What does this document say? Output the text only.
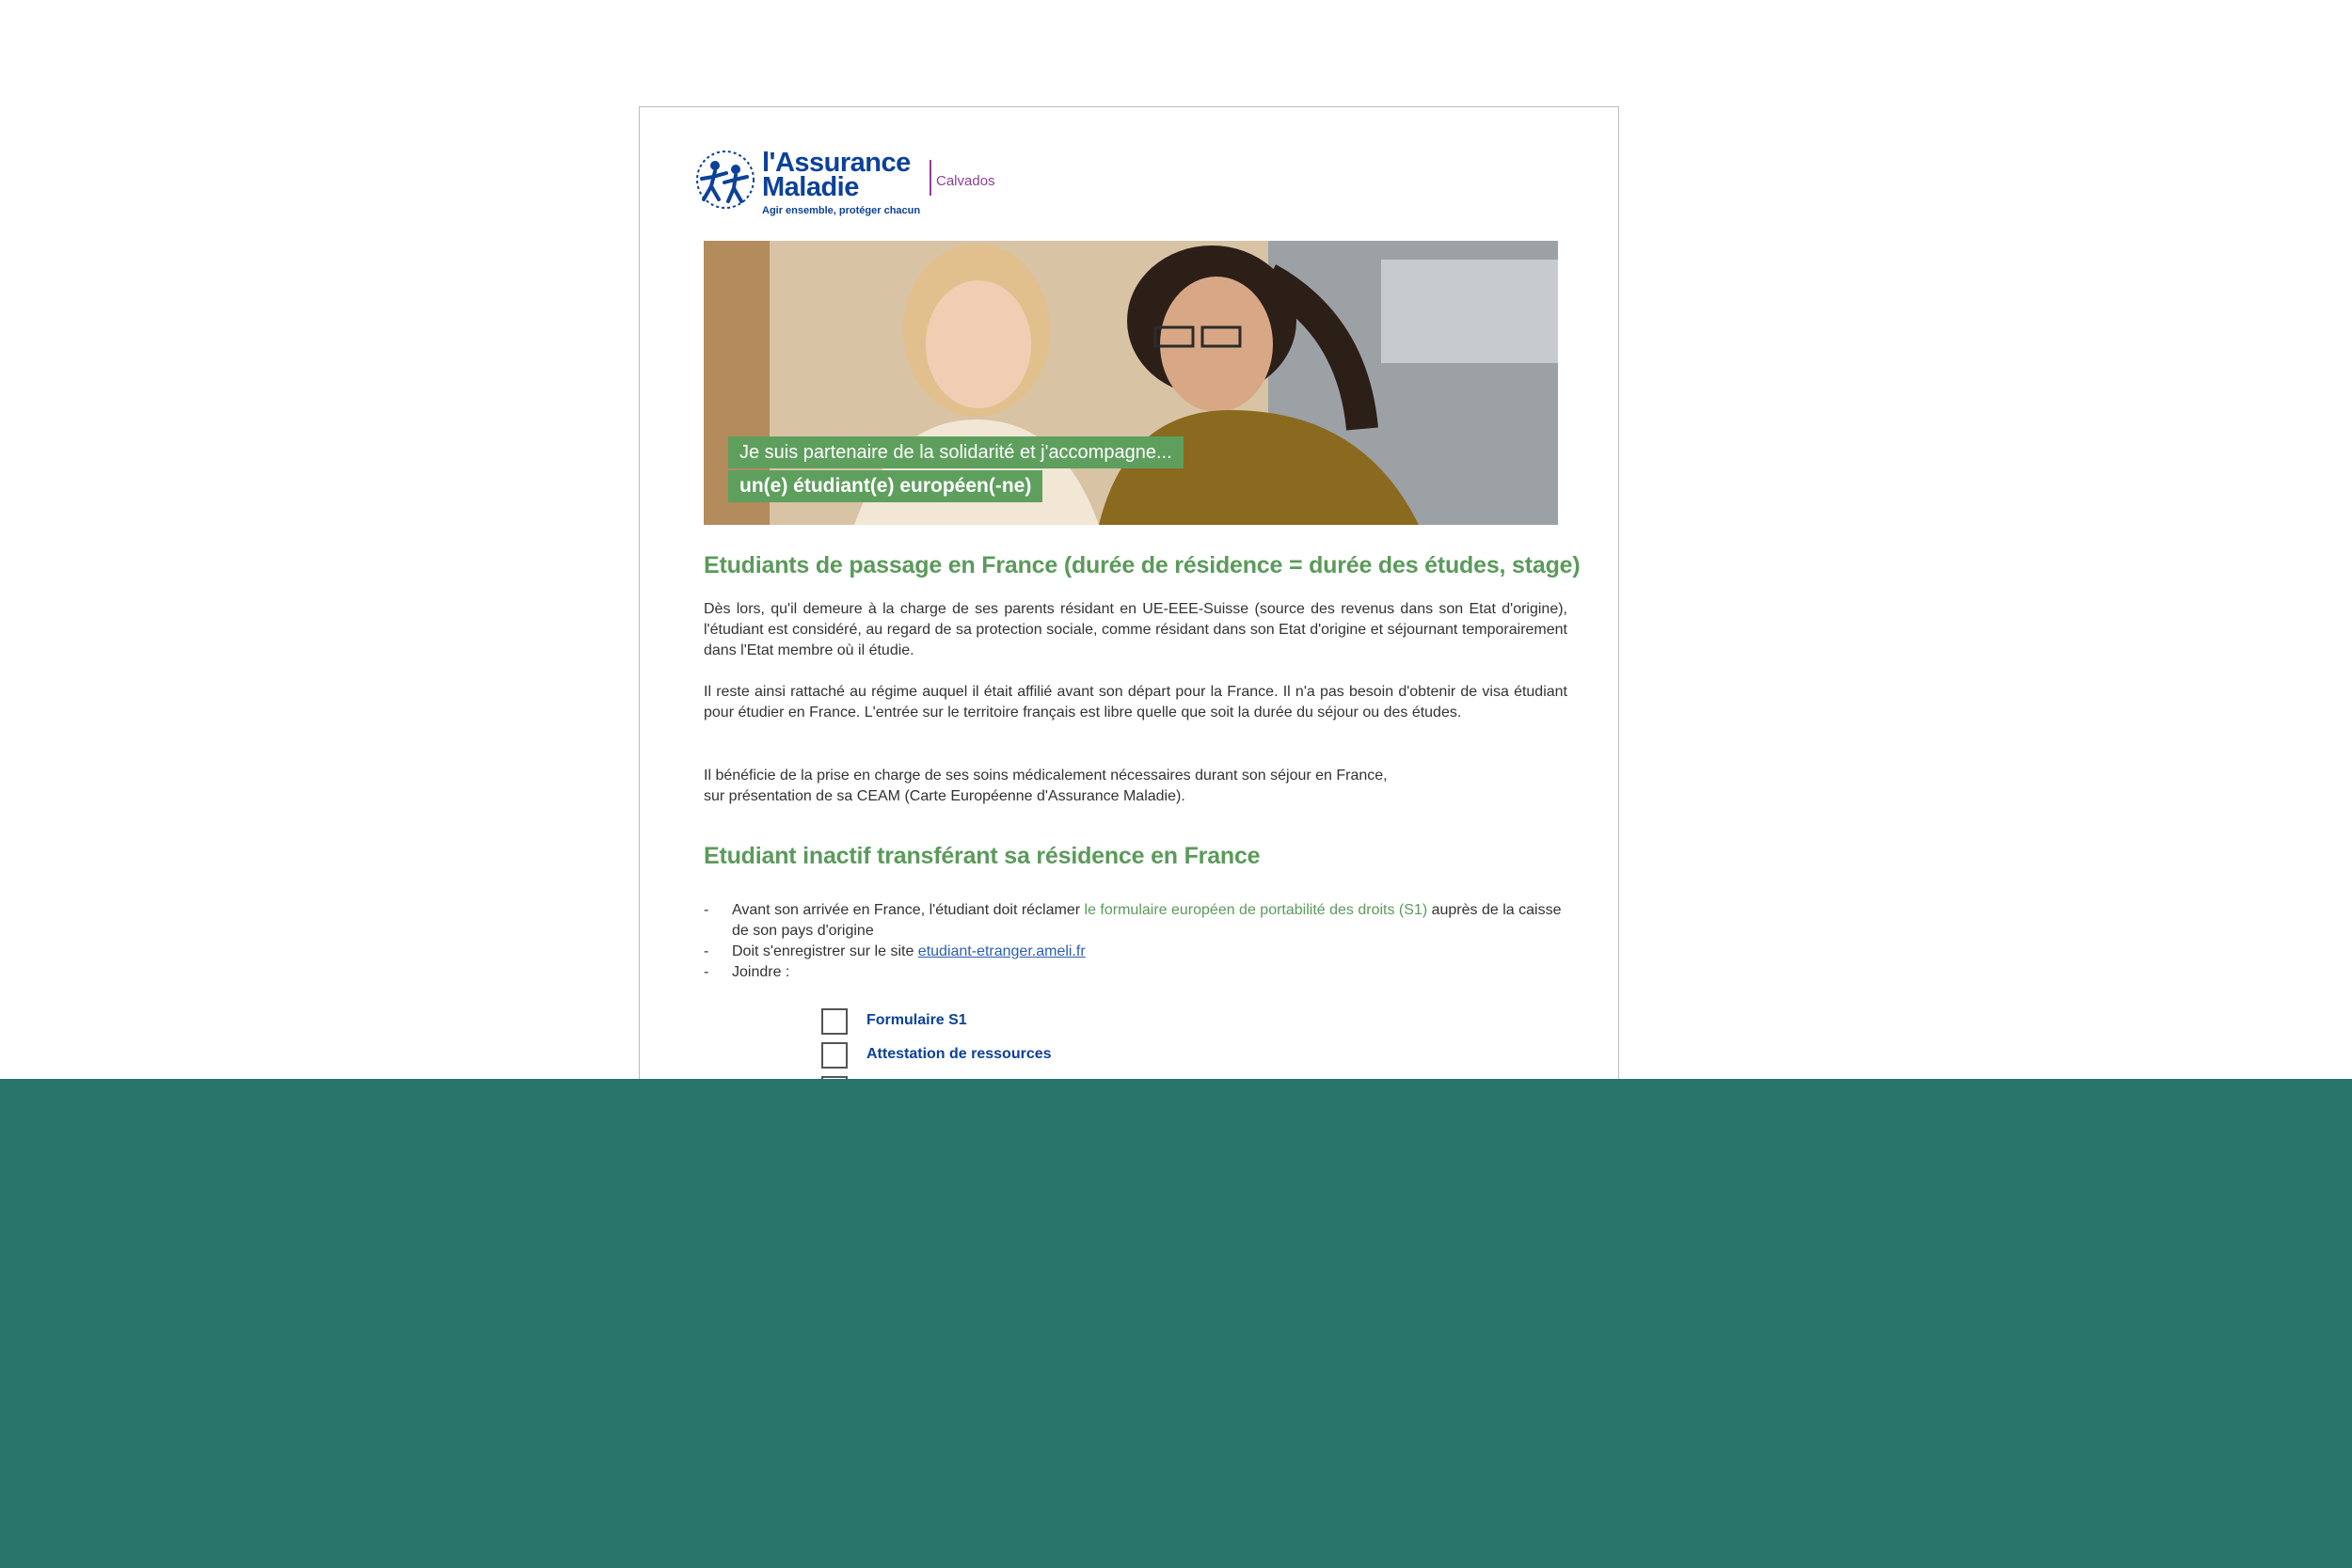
l'Assurance
Maladie
Agir ensemble, protéger chacun
Calvados
Je suis partenaire de la solidarité et j'accompagne...
un(e) étudiant(e) européen(-ne)
Etudiants de passage en France (durée de résidence = durée des études, stage)
Dès lors, qu'il demeure à la charge de ses parents résidant en UE-EEE-Suisse (source des revenus dans son Etat d'origine), l'étudiant est considéré, au regard de sa protection sociale, comme résidant dans son Etat d'origine et séjournant temporairement dans l'Etat membre où il étudie.
Il reste ainsi rattaché au régime auquel il était affilié avant son départ pour la France. Il n'a pas besoin d'obtenir de visa étudiant pour étudier en France. L'entrée sur le territoire français est libre quelle que soit la durée du séjour ou des études.
Il bénéficie de la prise en charge de ses soins médicalement nécessaires durant son séjour en France,
sur présentation de sa CEAM (Carte Européenne d'Assurance Maladie).
Etudiant inactif transférant sa résidence en France
- Avant son arrivée en France, l'étudiant doit réclamer le formulaire européen de portabilité des droits (S1) auprès de la caisse de son pays d'origine
- Doit s'enregistrer sur le site etudiant-etranger.ameli.fr
- Joindre :
Formulaire S1
Attestation de ressources
